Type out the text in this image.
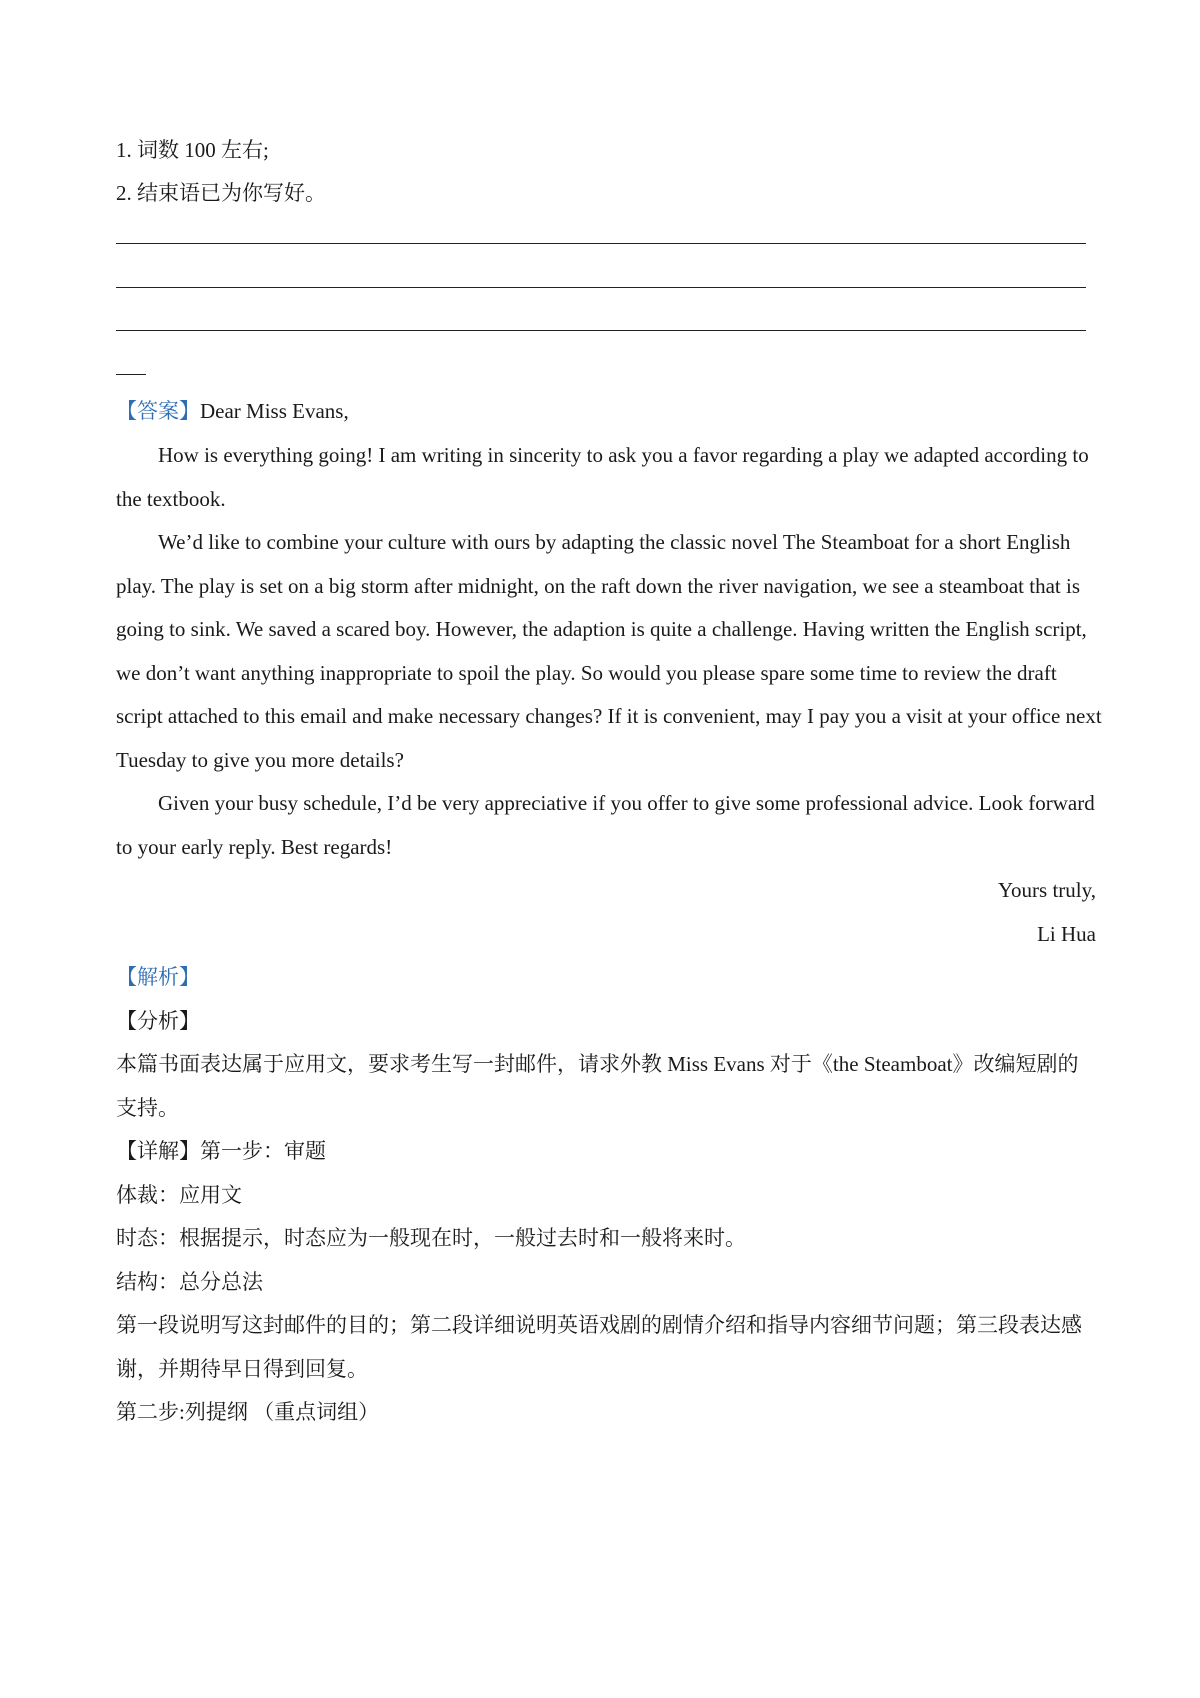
1. 词数 100 左右;
2. 结束语已为你写好。
【答案】Dear Miss Evans,
How is everything going! I am writing in sincerity to ask you a favor regarding a play we adapted according to
the textbook.
We’d like to combine your culture with ours by adapting the classic novel The Steamboat for a short English
play. The play is set on a big storm after midnight, on the raft down the river navigation, we see a steamboat that is
going to sink. We saved a scared boy. However, the adaption is quite a challenge. Having written the English script,
we don’t want anything inappropriate to spoil the play. So would you please spare some time to review the draft
script attached to this email and make necessary changes? If it is convenient, may I pay you a visit at your office next
Tuesday to give you more details?
Given your busy schedule, I’d be very appreciative if you offer to give some professional advice. Look forward
to your early reply. Best regards!
Yours truly,
Li Hua
【解析】
【分析】
本篇书面表达属于应用文，要求考生写一封邮件，请求外教 Miss Evans 对于《the Steamboat》改编短剧的
支持。
【详解】第一步：审题
体裁：应用文
时态：根据提示，时态应为一般现在时，一般过去时和一般将来时。
结构：总分总法
第一段说明写这封邮件的目的；第二段详细说明英语戏剧的剧情介绍和指导内容细节问题；第三段表达感
谢，并期待早日得到回复。
第二步:列提纲 （重点词组）
